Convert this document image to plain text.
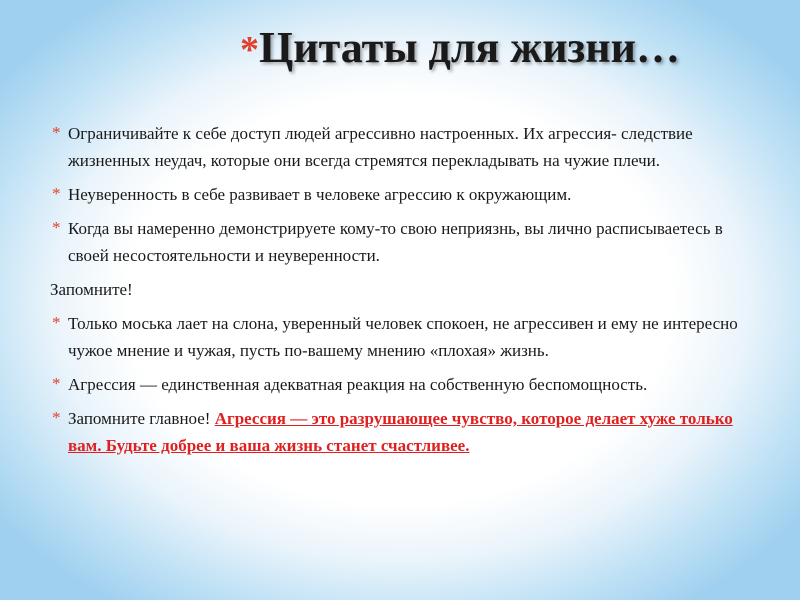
*Цитаты для жизни…
* Ограничивайте к себе доступ людей агрессивно настроенных. Их агрессия- следствие жизненных неудач, которые они всегда стремятся перекладывать на чужие плечи.
* Неуверенность в себе развивает в человеке агрессию к окружающим.
* Когда вы намеренно демонстрируете кому-то свою неприязнь, вы лично расписываетесь в своей несостоятельности и неуверенности.
Запомните!
* Только моська лает на слона, уверенный человек спокоен, не агрессивен и ему не интересно чужое мнение и чужая, пусть по-вашему мнению «плохая» жизнь.
* Агрессия — единственная адекватная реакция на собственную беспомощность.
* Запомните главное! Агрессия — это разрушающее чувство, которое делает хуже только вам. Будьте добрее и ваша жизнь станет счастливее.
